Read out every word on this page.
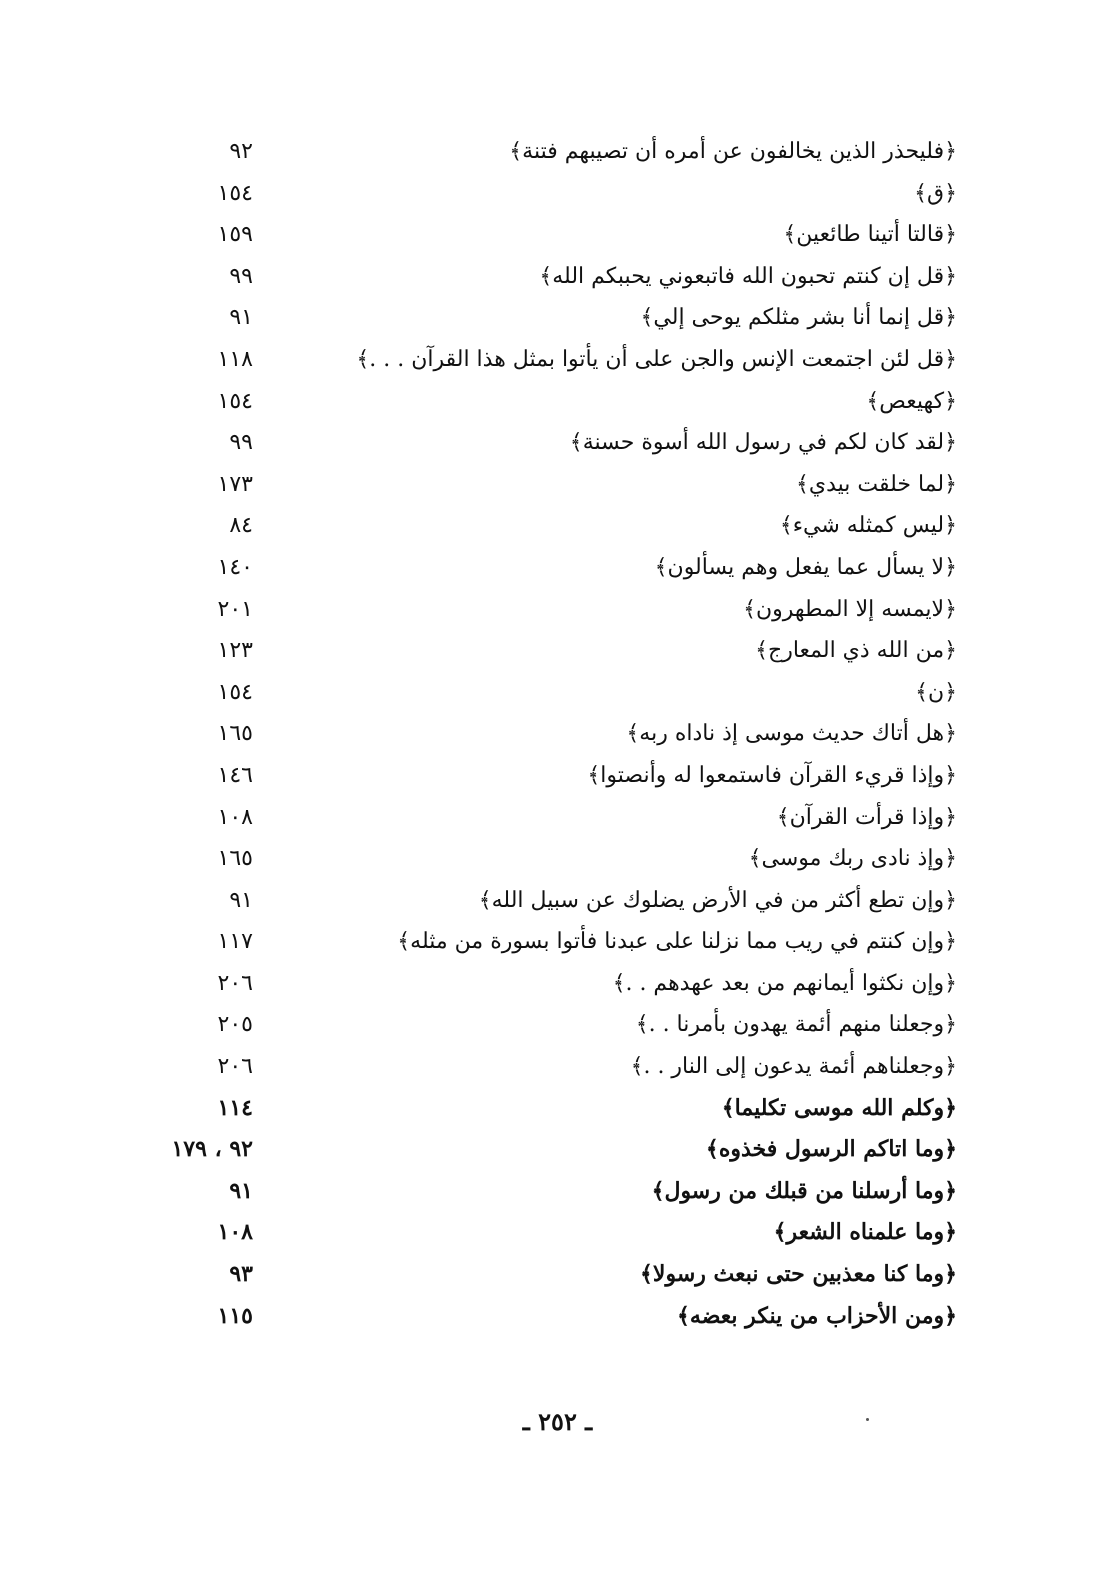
﴿فليحذر الذين يخالفون عن أمره أن تصيبهم فتنة﴾
٩٢
﴿ق﴾
١٥٤
﴿قالتا أتينا طائعين﴾
١٥٩
﴿قل إن كنتم تحبون الله فاتبعوني يحببكم الله﴾
٩٩
﴿قل إنما أنا بشر مثلكم يوحى إلي﴾
٩١
﴿قل لئن اجتمعت الإنس والجن على أن يأتوا بمثل هذا القرآن . . .﴾
١١٨
﴿كهيعص﴾
١٥٤
﴿لقد كان لكم في رسول الله أسوة حسنة﴾
٩٩
﴿لما خلقت بيدي﴾
١٧٣
﴿ليس كمثله شيء﴾
٨٤
﴿لا يسأل عما يفعل وهم يسألون﴾
١٤٠
﴿لايمسه إلا المطهرون﴾
٢٠١
﴿من الله ذي المعارج﴾
١٢٣
﴿ن﴾
١٥٤
﴿هل أتاك حديث موسى إذ ناداه ربه﴾
١٦٥
﴿وإذا قريء القرآن فاستمعوا له وأنصتوا﴾
١٤٦
﴿وإذا قرأت القرآن﴾
١٠٨
﴿وإذ نادى ربك موسى﴾
١٦٥
﴿وإن تطع أكثر من في الأرض يضلوك عن سبيل الله﴾
٩١
﴿وإن كنتم في ريب مما نزلنا على عبدنا فأتوا بسورة من مثله﴾
١١٧
﴿وإن نكثوا أيمانهم من بعد عهدهم . .﴾
٢٠٦
﴿وجعلنا منهم أئمة يهدون بأمرنا . .﴾
٢٠٥
﴿وجعلناهم أئمة يدعون إلى النار . .﴾
٢٠٦
﴿وكلم الله موسى تكليما﴾
١١٤
﴿وما اتاكم الرسول فخذوه﴾
٩٢ ، ١٧٩
﴿وما أرسلنا من قبلك من رسول﴾
٩١
﴿وما علمناه الشعر﴾
١٠٨
﴿وما كنا معذبين حتى نبعث رسولا﴾
٩٣
﴿ومن الأحزاب من ينكر بعضه﴾
١١٥
ـ ٢٥٢ ـ
